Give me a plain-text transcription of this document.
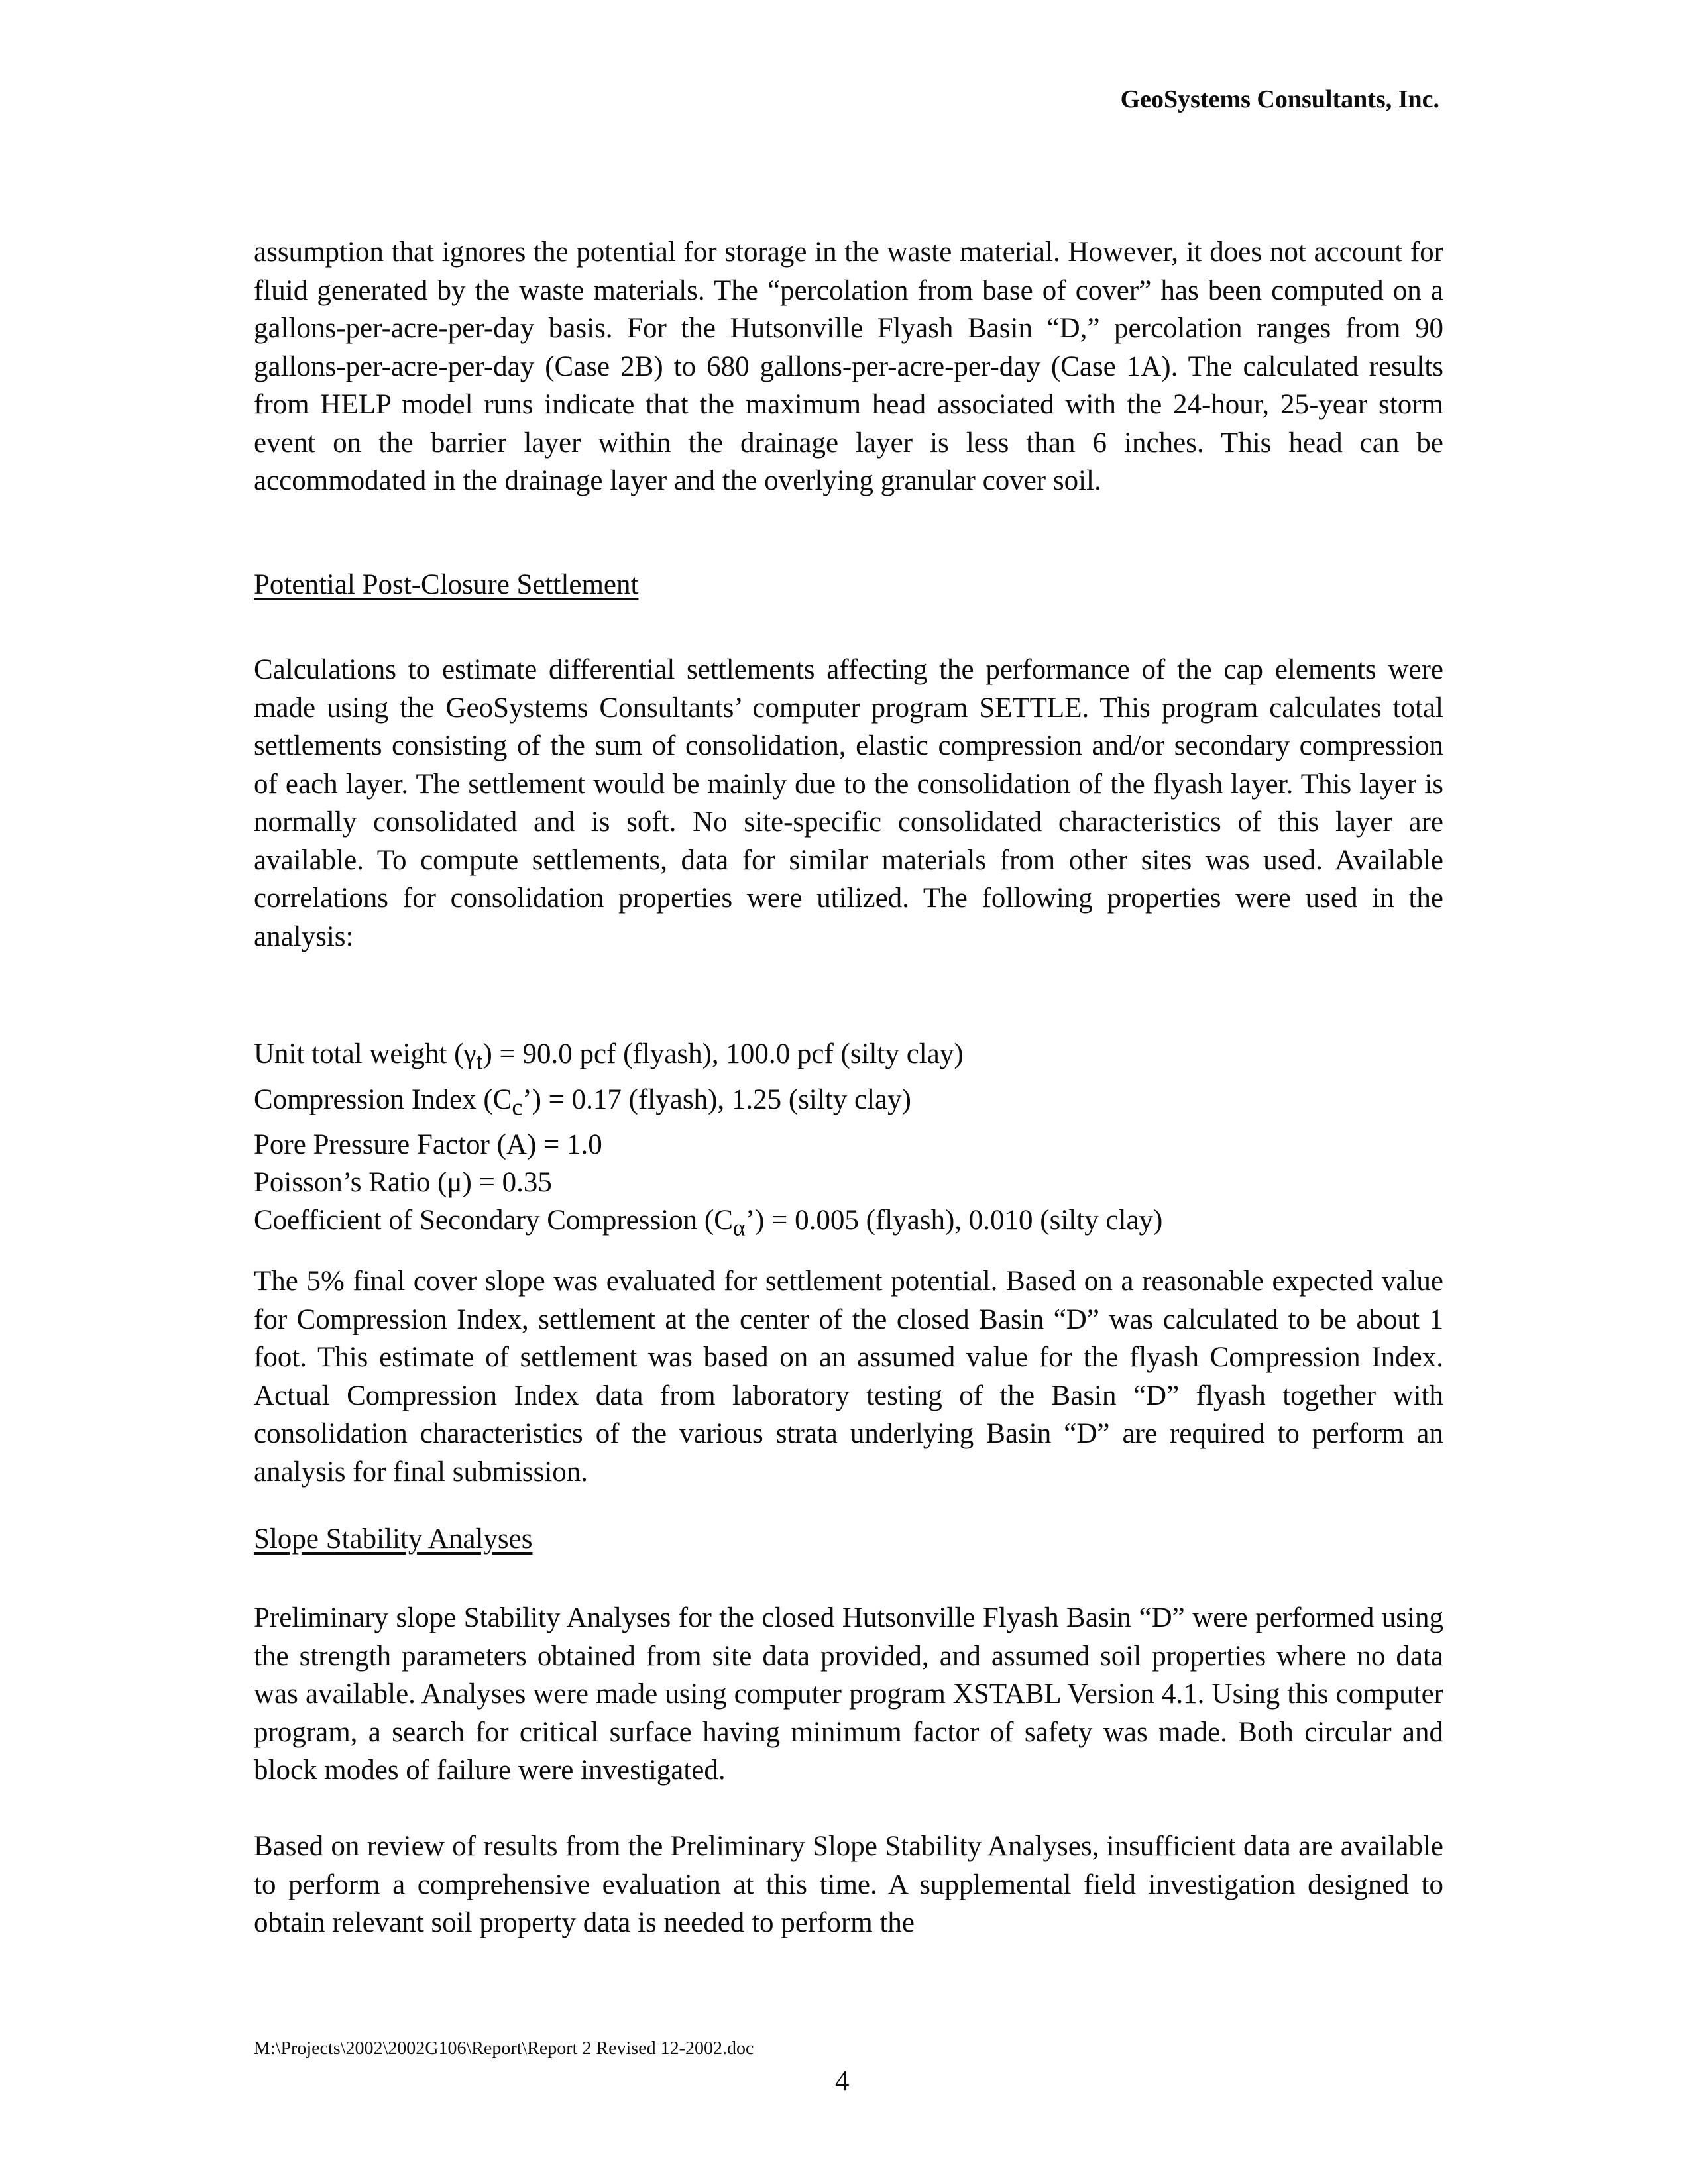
GeoSystems Consultants, Inc.

assumption that ignores the potential for storage in the waste material. However, it does not account for fluid generated by the waste materials. The “percolation from base of cover” has been computed on a gallons-per-acre-per-day basis. For the Hutsonville Flyash Basin “D,” percolation ranges from 90 gallons-per-acre-per-day (Case 2B) to 680 gallons-per-acre-per-day (Case 1A). The calculated results from HELP model runs indicate that the maximum head associated with the 24-hour, 25-year storm event on the barrier layer within the drainage layer is less than 6 inches. This head can be accommodated in the drainage layer and the overlying granular cover soil.

Potential Post-Closure Settlement

Calculations to estimate differential settlements affecting the performance of the cap elements were made using the GeoSystems Consultants’ computer program SETTLE. This program calculates total settlements consisting of the sum of consolidation, elastic compression and/or secondary compression of each layer. The settlement would be mainly due to the consolidation of the flyash layer. This layer is normally consolidated and is soft. No site-specific consolidated characteristics of this layer are available. To compute settlements, data for similar materials from other sites was used. Available correlations for consolidation properties were utilized. The following properties were used in the analysis:

Unit total weight $(\gamma_t) = 90.0$ pcf (flyash), 100.0 pcf (silty clay)
Compression Index $(C_c’) = 0.17$ (flyash), 1.25 (silty clay)
Pore Pressure Factor (A) = 1.0
Poisson’s Ratio (μ) = 0.35
Coefficient of Secondary Compression $(C_\alpha’) = 0.005$ (flyash), 0.010 (silty clay)

The 5% final cover slope was evaluated for settlement potential. Based on a reasonable expected value for Compression Index, settlement at the center of the closed Basin “D” was calculated to be about 1 foot. This estimate of settlement was based on an assumed value for the flyash Compression Index. Actual Compression Index data from laboratory testing of the Basin “D” flyash together with consolidation characteristics of the various strata underlying Basin “D” are required to perform an analysis for final submission.

Slope Stability Analyses

Preliminary slope Stability Analyses for the closed Hutsonville Flyash Basin “D” were performed using the strength parameters obtained from site data provided, and assumed soil properties where no data was available. Analyses were made using computer program XSTABL Version 4.1. Using this computer program, a search for critical surface having minimum factor of safety was made. Both circular and block modes of failure were investigated.

Based on review of results from the Preliminary Slope Stability Analyses, insufficient data are available to perform a comprehensive evaluation at this time. A supplemental field investigation designed to obtain relevant soil property data is needed to perform the

M:\Projects\2002\2002G106\Report\Report 2 Revised 12-2002.doc
4
